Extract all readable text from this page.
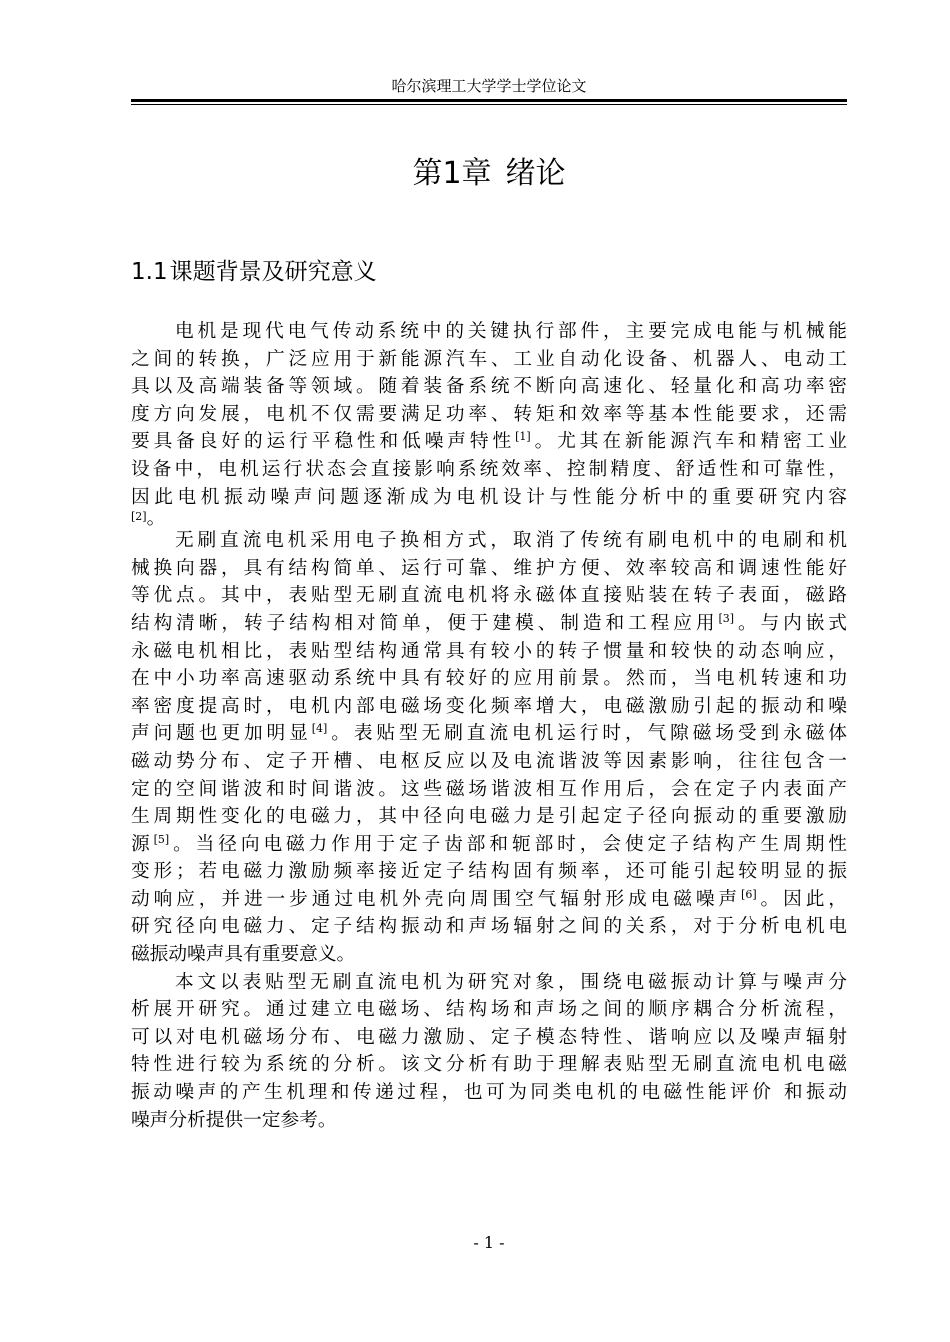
哈尔滨理工大学学士学位论文
第1章 绪论
1.1课题背景及研究意义
电机是现代电气传动系统中的关键执行部件，主要完成电能与机械能
之间的转换，广泛应用于新能源汽车、工业自动化设备、机器人、电动工
具以及高端装备等领域。随着装备系统不断向高速化、轻量化和高功率密
度方向发展，电机不仅需要满足功率、转矩和效率等基本性能要求，还需
要具备良好的运行平稳性和低噪声特性[1]。尤其在新能源汽车和精密工业
设备中，电机运行状态会直接影响系统效率、控制精度、舒适性和可靠性，
因此电机振动噪声问题逐渐成为电机设计与性能分析中的重要研究内容
[2]。
无刷直流电机采用电子换相方式，取消了传统有刷电机中的电刷和机
械换向器，具有结构简单、运行可靠、维护方便、效率较高和调速性能好
等优点。其中，表贴型无刷直流电机将永磁体直接贴装在转子表面，磁路
结构清晰，转子结构相对简单，便于建模、制造和工程应用[3]。与内嵌式
永磁电机相比，表贴型结构通常具有较小的转子惯量和较快的动态响应，
在中小功率高速驱动系统中具有较好的应用前景。然而，当电机转速和功
率密度提高时，电机内部电磁场变化频率增大，电磁激励引起的振动和噪
声问题也更加明显[4]。表贴型无刷直流电机运行时，气隙磁场受到永磁体
磁动势分布、定子开槽、电枢反应以及电流谐波等因素影响，往往包含一
定的空间谐波和时间谐波。这些磁场谐波相互作用后，会在定子内表面产
生周期性变化的电磁力，其中径向电磁力是引起定子径向振动的重要激励
源[5]。当径向电磁力作用于定子齿部和轭部时，会使定子结构产生周期性
变形；若电磁力激励频率接近定子结构固有频率，还可能引起较明显的振
动响应，并进一步通过电机外壳向周围空气辐射形成电磁噪声[6]。因此，
研究径向电磁力、定子结构振动和声场辐射之间的关系，对于分析电机电
磁振动噪声具有重要意义。
本文以表贴型无刷直流电机为研究对象，围绕电磁振动计算与噪声分
析展开研究。通过建立电磁场、结构场和声场之间的顺序耦合分析流程，
可以对电机磁场分布、电磁力激励、定子模态特性、谐响应以及噪声辐射
特性进行较为系统的分析。该文分析有助于理解表贴型无刷直流电机电磁
振动噪声的产生机理和传递过程，也可为同类电机的电磁性能评价 和振动
噪声分析提供一定参考。
- 1 -
